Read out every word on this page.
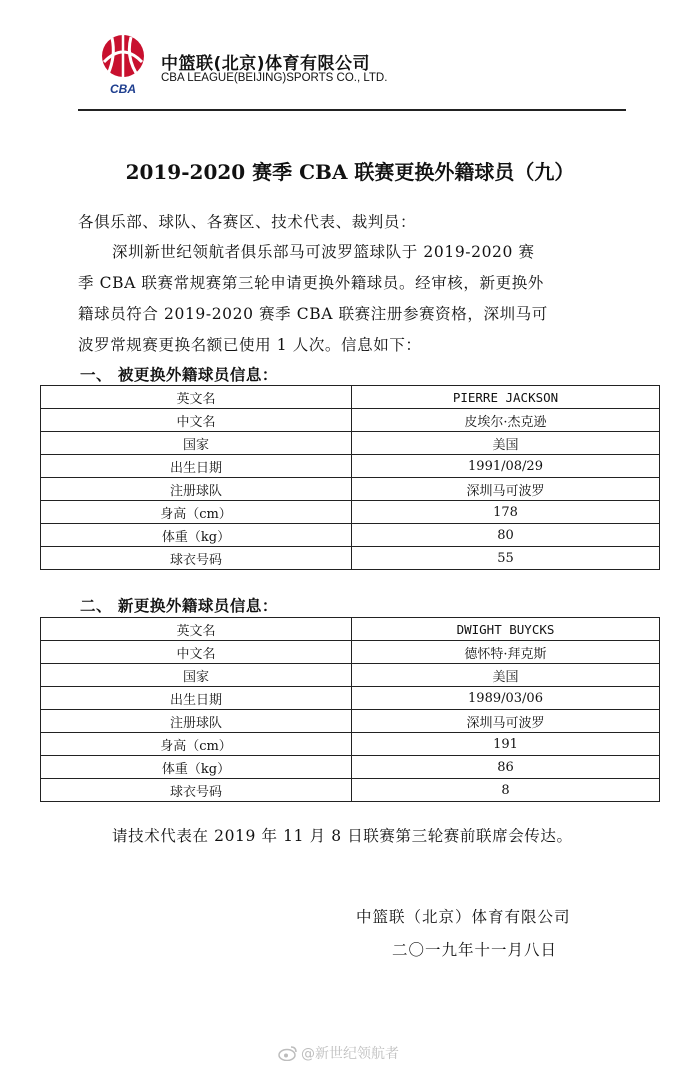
CBA
中篮联(北京)体育有限公司
CBA LEAGUE(BEIJING)SPORTS CO., LTD.
2019-2020 赛季 CBA 联赛更换外籍球员（九）
各俱乐部、球队、各赛区、技术代表、裁判员：
深圳新世纪领航者俱乐部马可波罗篮球队于 2019-2020 赛
季 CBA 联赛常规赛第三轮申请更换外籍球员。经审核，新更换外
籍球员符合 2019-2020 赛季 CBA 联赛注册参赛资格，深圳马可
波罗常规赛更换名额已使用 1 人次。信息如下：
一、 被更换外籍球员信息：
英文名	PIERRE JACKSON
中文名	皮埃尔·杰克逊
国家	美国
出生日期	1991/08/29
注册球队	深圳马可波罗
身高（cm）	178
体重（kg）	80
球衣号码	55
二、 新更换外籍球员信息：
英文名	DWIGHT BUYCKS
中文名	德怀特·拜克斯
国家	美国
出生日期	1989/03/06
注册球队	深圳马可波罗
身高（cm）	191
体重（kg）	86
球衣号码	8
请技术代表在 2019 年 11 月 8 日联赛第三轮赛前联席会传达。
中篮联（北京）体育有限公司
二〇一九年十一月八日
@新世纪领航者
